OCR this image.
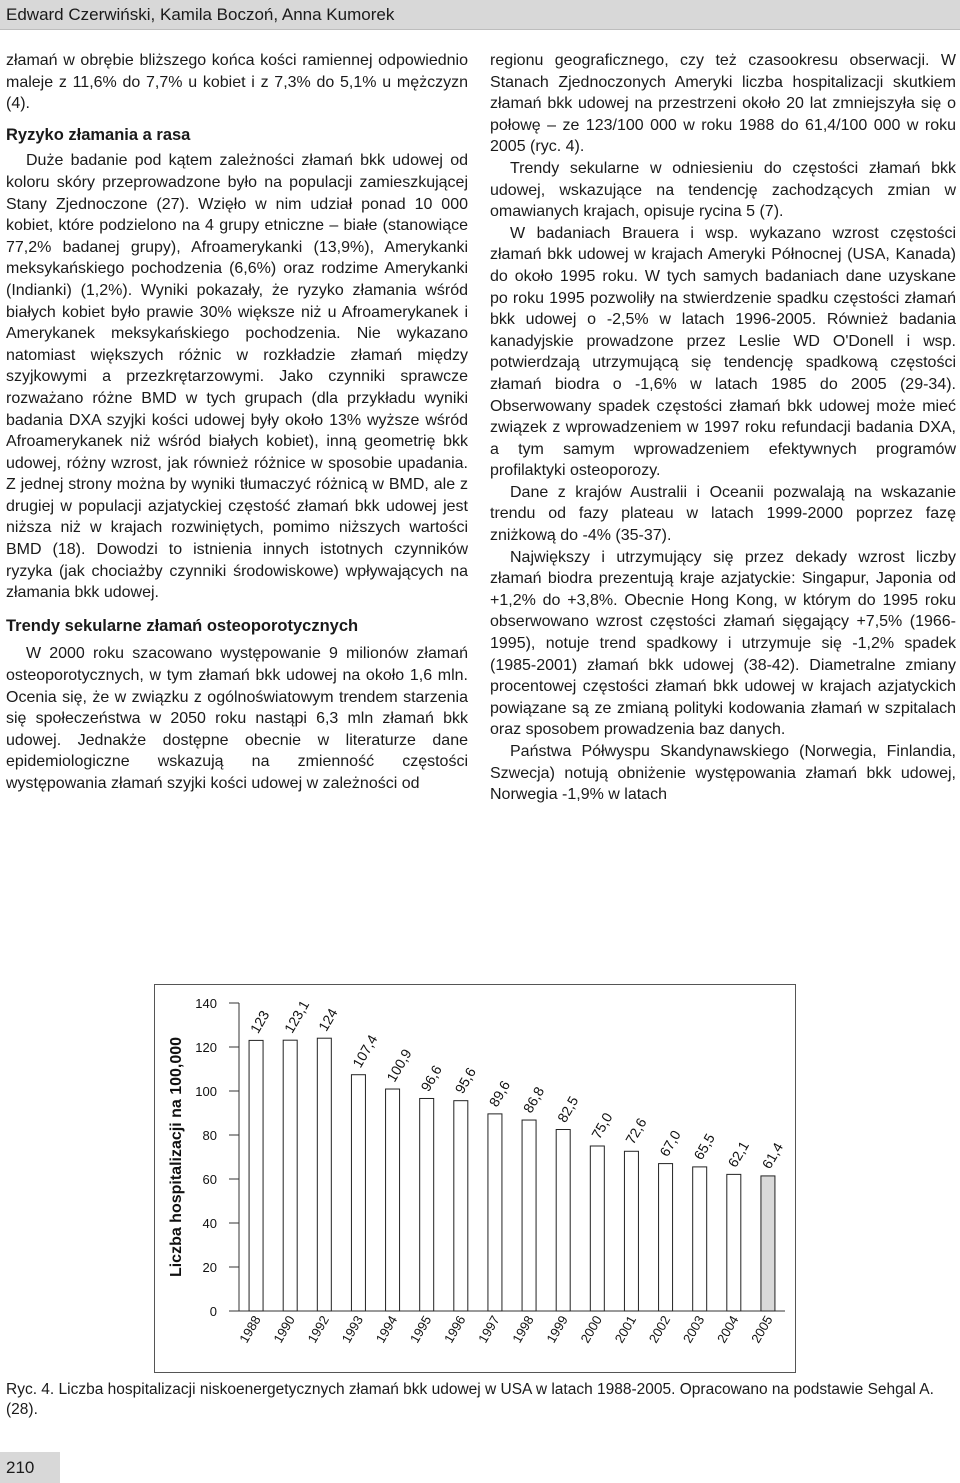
Edward Czerwiński, Kamila Boczoń, Anna Kumorek

złamań w obrębie bliższego końca kości ramiennej odpowiednio maleje z 11,6% do 7,7% u kobiet i z 7,3% do 5,1% u mężczyzn (4).

Ryzyko złamania a rasa

Duże badanie pod kątem zależności złamań bkk udowej od koloru skóry przeprowadzone było na populacji zamieszkującej Stany Zjednoczone (27). Wzięło w nim udział ponad 10 000 kobiet, które podzielono na 4 grupy etniczne – białe (stanowiące 77,2% badanej grupy), Afroamerykanki (13,9%), Amerykanki meksykańskiego pochodzenia (6,6%) oraz rodzime Amerykanki (Indianki) (1,2%). Wyniki pokazały, że ryzyko złamania wśród białych kobiet było prawie 30% większe niż u Afroamerykanek i Amerykanek meksykańskiego pochodzenia. Nie wykazano natomiast większych różnic w rozkładzie złamań między szyjkowymi a przezkrętarzowymi. Jako czynniki sprawcze rozważano różne BMD w tych grupach (dla przykładu wyniki badania DXA szyjki kości udowej były około 13% wyższe wśród Afroamerykanek niż wśród białych kobiet), inną geometrię bkk udowej, różny wzrost, jak również różnice w sposobie upadania. Z jednej strony można by wyniki tłumaczyć różnicą w BMD, ale z drugiej w populacji azjatyckiej częstość złamań bkk udowej jest niższa niż w krajach rozwiniętych, pomimo niższych wartości BMD (18). Dowodzi to istnienia innych istotnych czynników ryzyka (jak chociażby czynniki środowiskowe) wpływających na złamania bkk udowej.

Trendy sekularne złamań osteoporotycznych

W 2000 roku szacowano występowanie 9 milionów złamań osteoporotycznych, w tym złamań bkk udowej na około 1,6 mln. Ocenia się, że w związku z ogólnoświatowym trendem starzenia się społeczeństwa w 2050 roku nastąpi 6,3 mln złamań bkk udowej. Jednakże dostępne obecnie w literaturze dane epidemiologiczne wskazują na zmienność częstości występowania złamań szyjki kości udowej w zależności od

regionu geograficznego, czy też czasookresu obserwacji. W Stanach Zjednoczonych Ameryki liczba hospitalizacji skutkiem złamań bkk udowej na przestrzeni około 20 lat zmniejszyła się o połowę – ze 123/100 000 w roku 1988 do 61,4/100 000 w roku 2005 (ryc. 4).

Trendy sekularne w odniesieniu do częstości złamań bkk udowej, wskazujące na tendencję zachodzących zmian w omawianych krajach, opisuje rycina 5 (7).

W badaniach Brauera i wsp. wykazano wzrost częstości złamań bkk udowej w krajach Ameryki Północnej (USA, Kanada) do około 1995 roku. W tych samych badaniach dane uzyskane po roku 1995 pozwoliły na stwierdzenie spadku częstości złamań bkk udowej o -2,5% w latach 1996-2005. Również badania kanadyjskie prowadzone przez Leslie WD O'Donell i wsp. potwierdzają utrzymującą się tendencję spadkową częstości złamań biodra o -1,6% w latach 1985 do 2005 (29-34). Obserwowany spadek częstości złamań bkk udowej może mieć związek z wprowadzeniem w 1997 roku refundacji badania DXA, a tym samym wprowadzeniem efektywnych programów profilaktyki osteoporozy.

Dane z krajów Australii i Oceanii pozwalają na wskazanie trendu od fazy plateau w latach 1999-2000 poprzez fazę zniżkową do -4% (35-37).

Największy i utrzymujący się przez dekady wzrost liczby złamań biodra prezentują kraje azjatyckie: Singapur, Japonia od +1,2% do +3,8%. Obecnie Hong Kong, w którym do 1995 roku obserwowano wzrost częstości złamań sięgający +7,5% (1966-1995), notuje trend spadkowy i utrzymuje się -1,2% spadek (1985-2001) złamań bkk udowej (38-42). Diametralne zmiany procentowej częstości złamań bkk udowej w krajach azjatyckich powiązane są ze zmianą polityki kodowania złamań w szpitalach oraz sposobem prowadzenia baz danych.

Państwa Półwyspu Skandynawskiego (Norwegia, Finlandia, Szwecja) notują obniżenie występowania złamań bkk udowej, Norwegia -1,9% w latach

Liczba hospitalizacji na 100,000
0
20
40
60
80
100
120
140
123
1988
123,1
1990
124
1992
107,4
1993
100,9
1994
96,6
1995
95,6
1996
89,6
1997
86,8
1998
82,5
1999
75,0
2000
72,6
2001
67,0
2002
65,5
2003
62,1
2004
61,4
2005
Ryc. 4. Liczba hospitalizacji niskoenergetycznych złamań bkk udowej w USA w latach 1988-2005. Opracowano na podstawie Sehgal A. (28).
210
